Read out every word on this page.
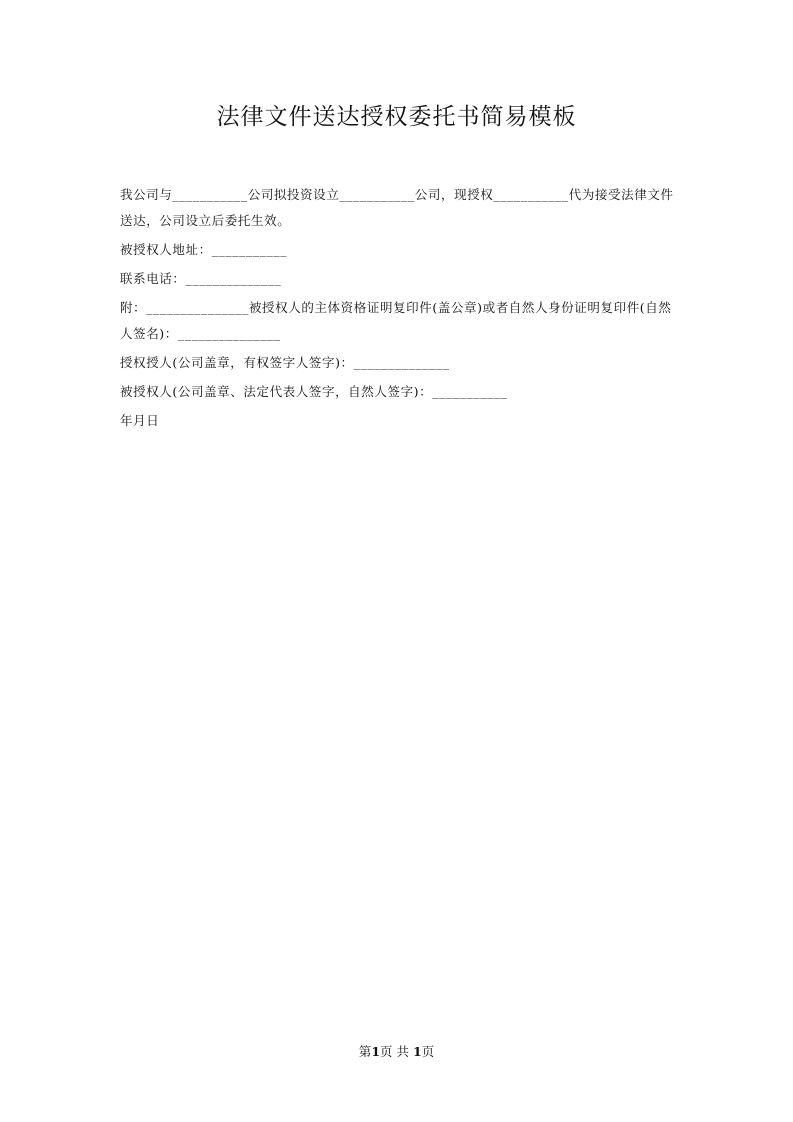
法律文件送达授权委托书简易模板

我公司与___________公司拟投资设立___________公司，现授权___________代为接受法律文件送达，公司设立后委托生效。

被授权人地址：___________

联系电话：______________

附：_______________被授权人的主体资格证明复印件(盖公章)或者自然人身份证明复印件(自然人签名)：_______________

授权授人(公司盖章，有权签字人签字)：______________

被授权人(公司盖章、法定代表人签字，自然人签字)：___________

年月日

第1页 共 1页
